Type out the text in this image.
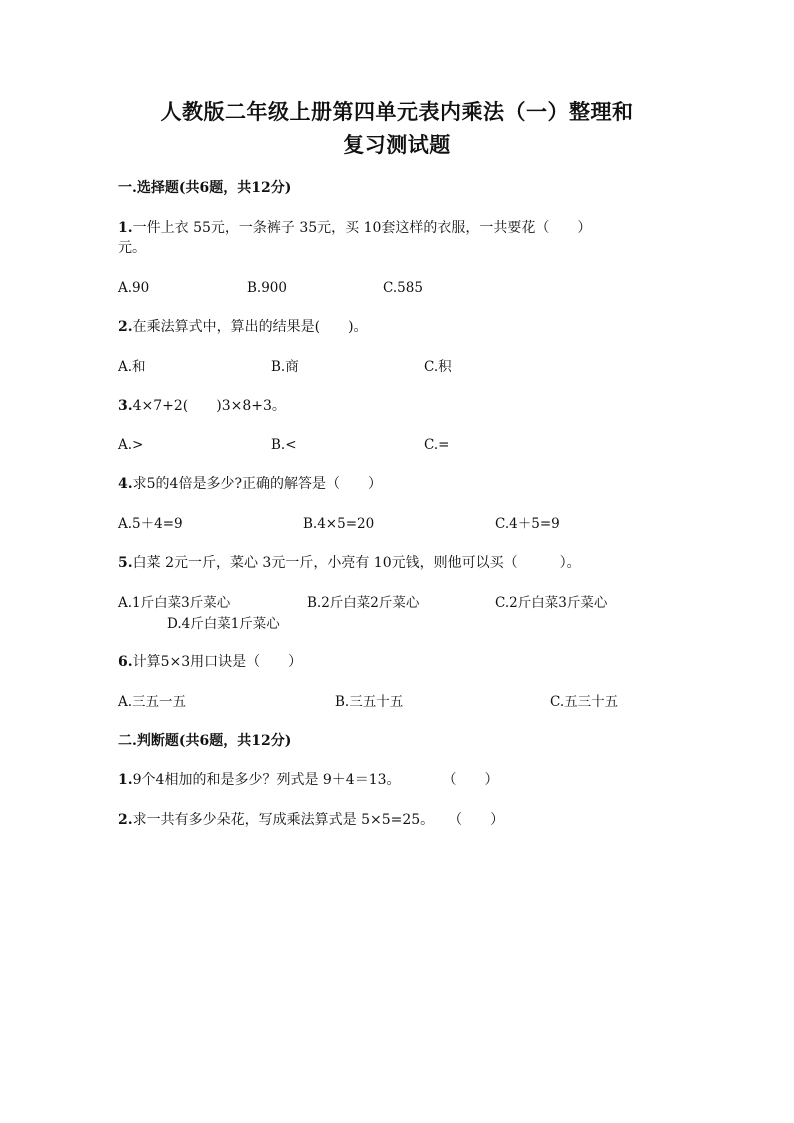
人教版二年级上册第四单元表内乘法（一）整理和
复习测试题
一.选择题(共6题，共12分)
1.一件上衣 55元，一条裤子 35元，买 10套这样的衣服，一共要花（　　）
元。
A.90	B.900	C.585
2.在乘法算式中，算出的结果是(　　)。
A.和	B.商	C.积
3.4×7+2(　　)3×8+3。
A.>	B.<	C.=
4.求5的4倍是多少?正确的解答是（　　）
A.5＋4=9	B.4×5=20	C.4＋5=9
5.白菜 2元一斤，菜心 3元一斤，小亮有 10元钱，则他可以买（　　　）。
A.1斤白菜3斤菜心	B.2斤白菜2斤菜心	C.2斤白菜3斤菜心
D.4斤白菜1斤菜心
6.计算5×3用口诀是（　　）
A.三五一五	B.三五十五	C.五三十五
二.判断题(共6题，共12分)
1.9个4相加的和是多少？列式是 9＋4＝13。　　　　（　　）
2.求一共有多少朵花，写成乘法算式是 5×5=25。　　（　　）
